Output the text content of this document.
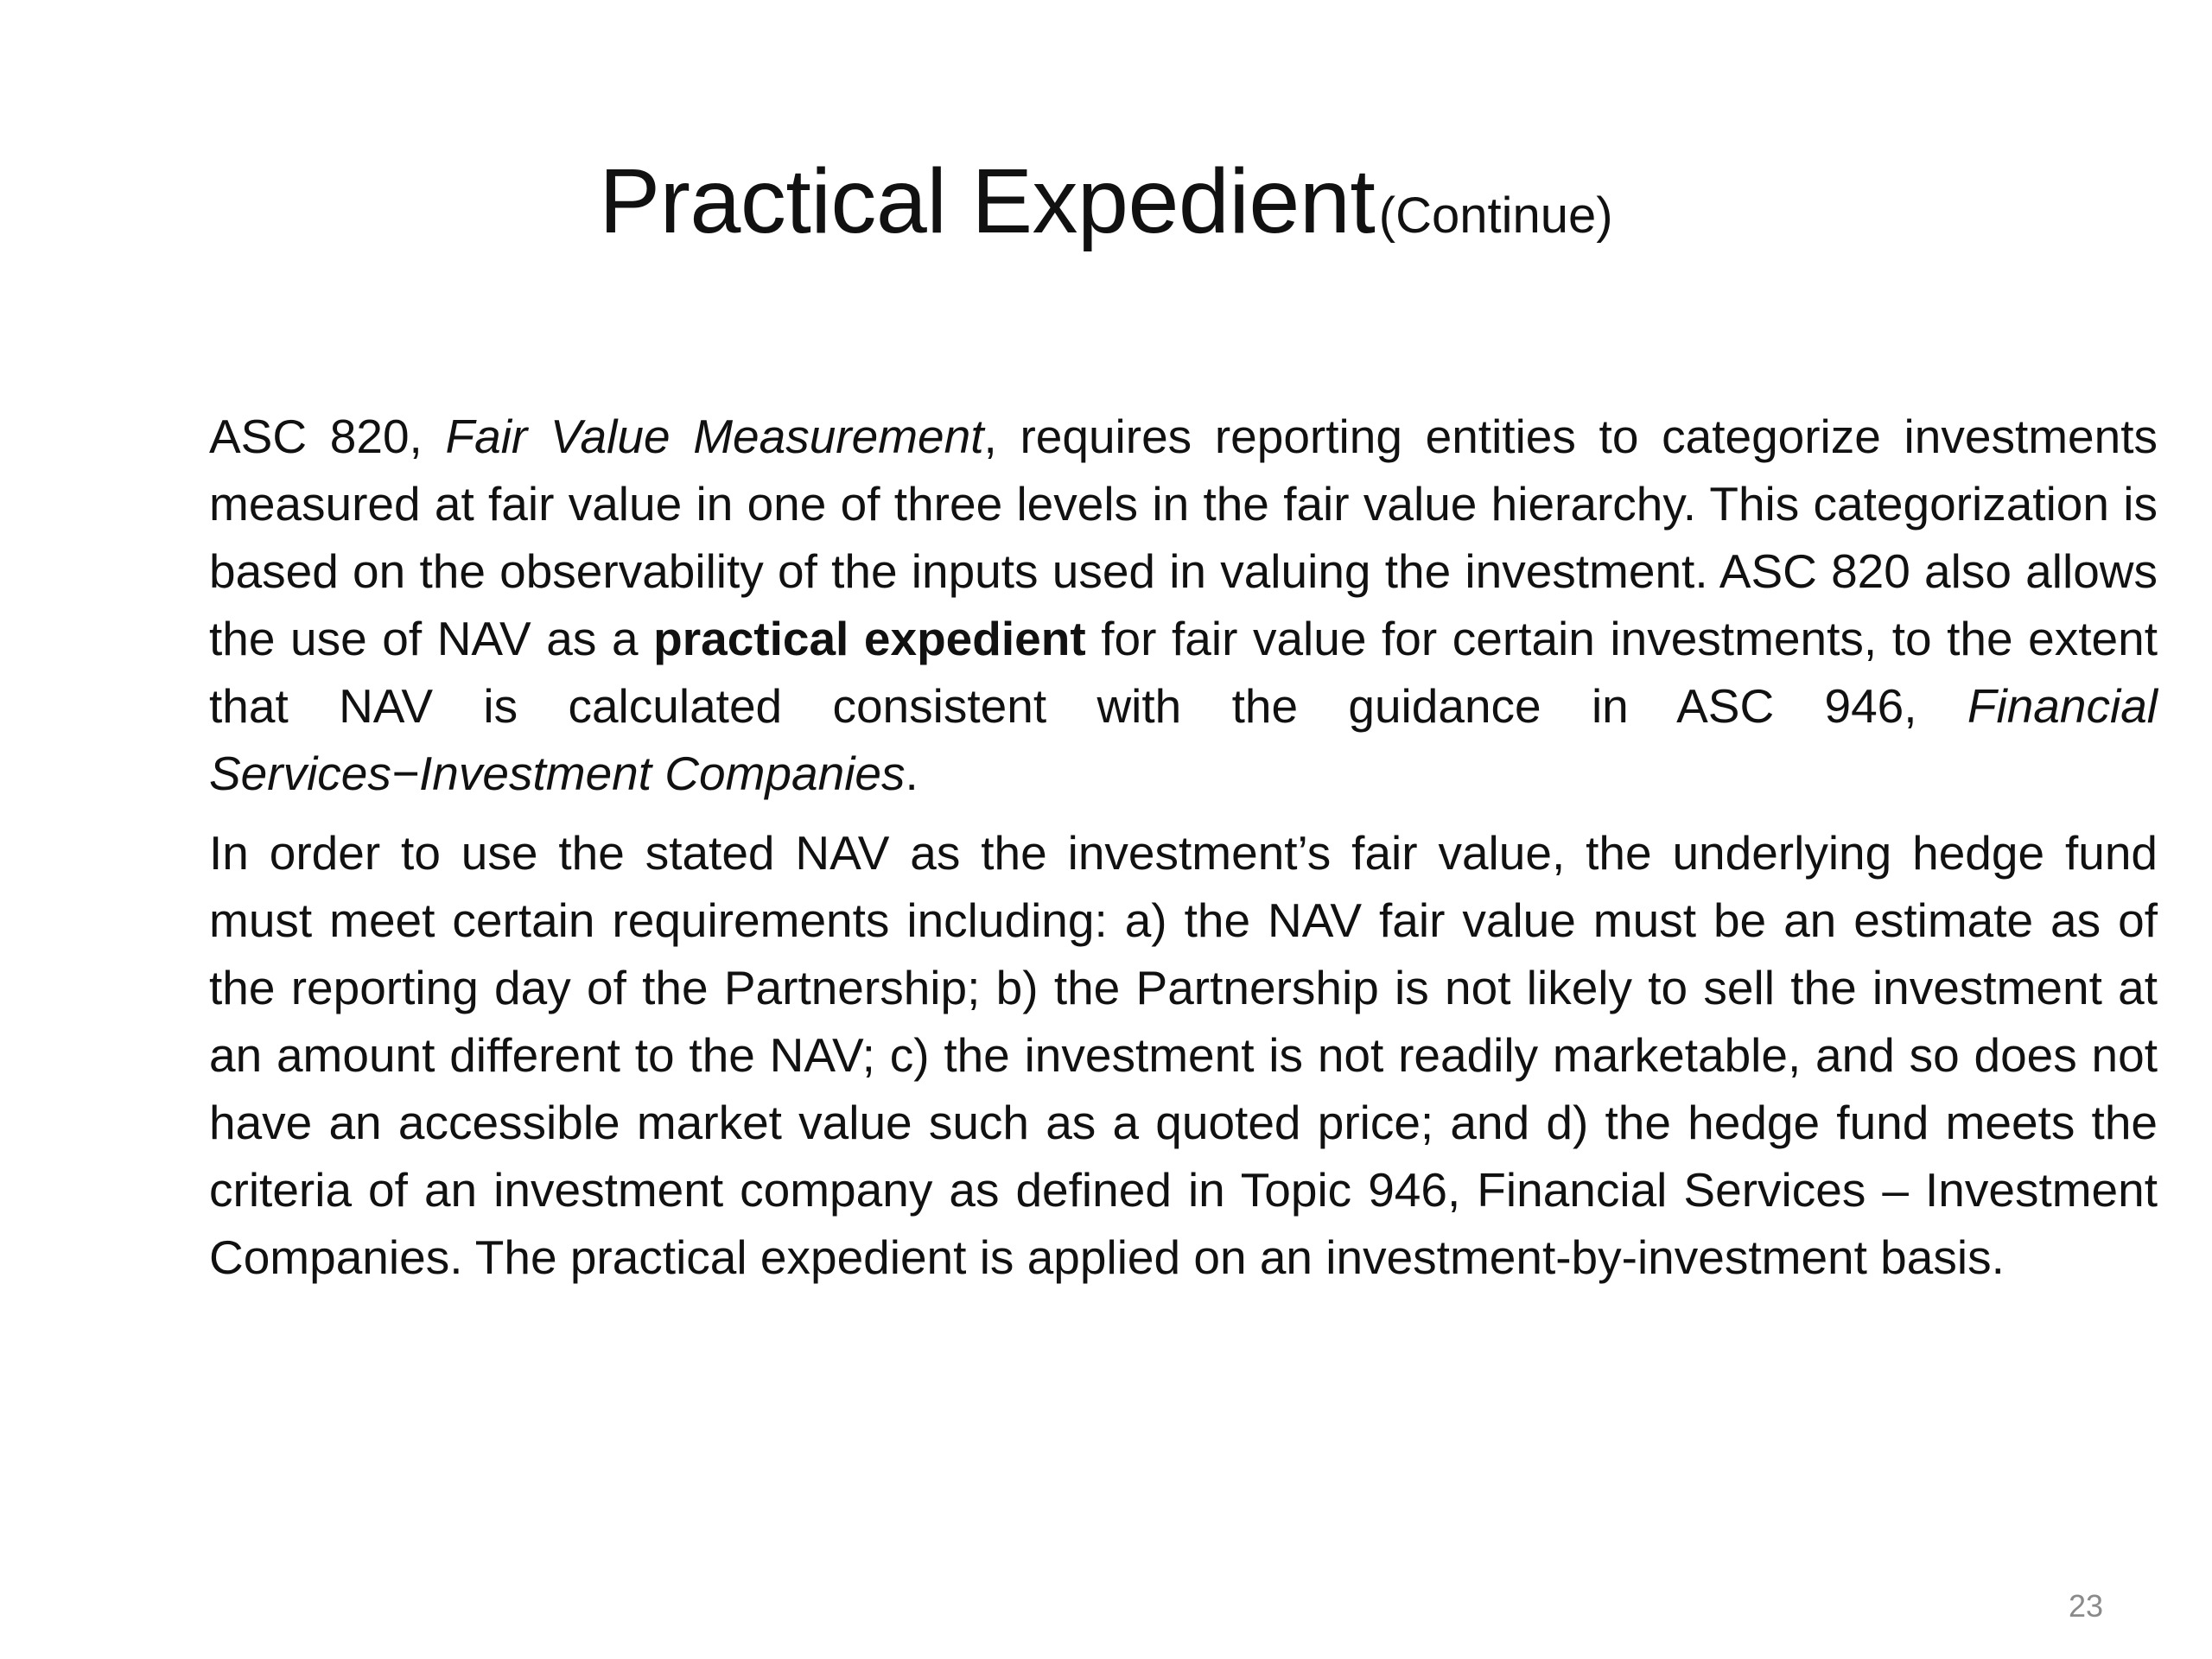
Practical Expedient (Continue)

ASC 820, Fair Value Measurement, requires reporting entities to categorize investments measured at fair value in one of three levels in the fair value hierarchy. This categorization is based on the observability of the inputs used in valuing the investment. ASC 820 also allows the use of NAV as a practical expedient for fair value for certain investments, to the extent that NAV is calculated consistent with the guidance in ASC 946, Financial Services−Investment Companies.

In order to use the stated NAV as the investment’s fair value, the underlying hedge fund must meet certain requirements including: a) the NAV fair value must be an estimate as of the reporting day of the Partnership; b) the Partnership is not likely to sell the investment at an amount different to the NAV; c) the investment is not readily marketable, and so does not have an accessible market value such as a quoted price; and d) the hedge fund meets the criteria of an investment company as defined in Topic 946, Financial Services – Investment Companies. The practical expedient is applied on an investment-by-investment basis.

23
